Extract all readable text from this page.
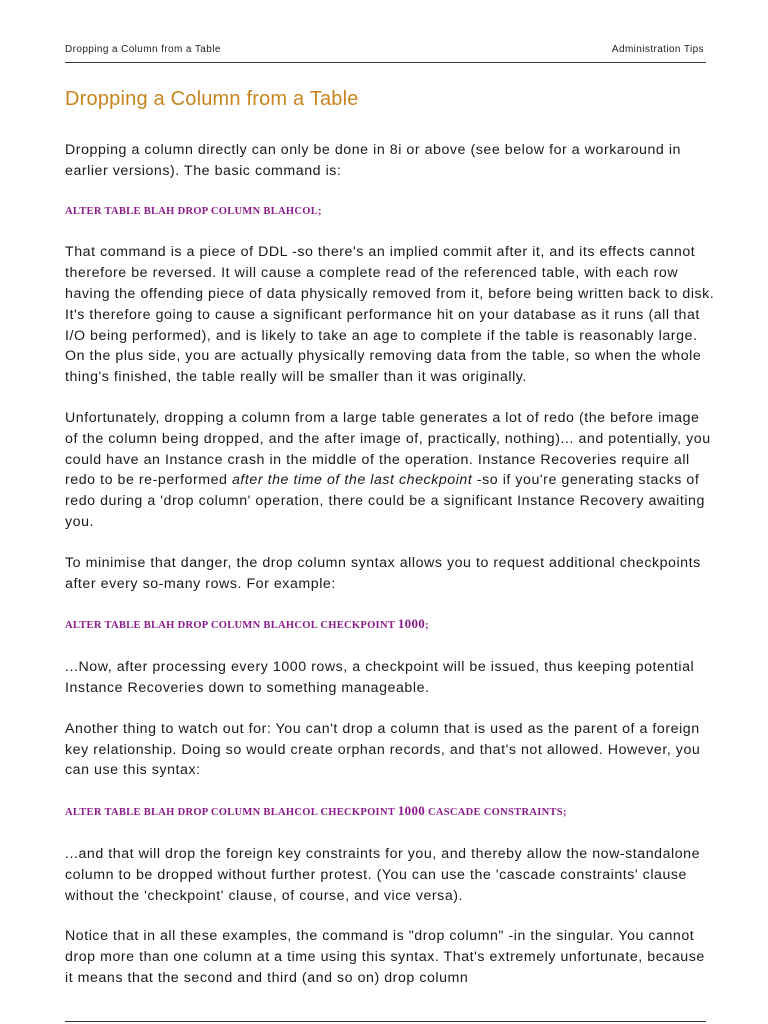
Dropping a Column from a Table	Administration Tips
Dropping a Column from a Table

Dropping a column directly can only be done in 8i or above (see below for a workaround in earlier versions). The basic command is:

ALTER TABLE BLAH DROP COLUMN BLAHCOL;

That command is a piece of DDL -so there's an implied commit after it, and its effects cannot therefore be reversed. It will cause a complete read of the referenced table, with each row having the offending piece of data physically removed from it, before being written back to disk. It's therefore going to cause a significant performance hit on your database as it runs (all that I/O being performed), and is likely to take an age to complete if the table is reasonably large. On the plus side, you are actually physically removing data from the table, so when the whole thing's finished, the table really will be smaller than it was originally.

Unfortunately, dropping a column from a large table generates a lot of redo (the before image of the column being dropped, and the after image of, practically, nothing)... and potentially, you could have an Instance crash in the middle of the operation. Instance Recoveries require all redo to be re-performed after the time of the last checkpoint -so if you're generating stacks of redo during a 'drop column' operation, there could be a significant Instance Recovery awaiting you.

To minimise that danger, the drop column syntax allows you to request additional checkpoints after every so-many rows. For example:

ALTER TABLE BLAH DROP COLUMN BLAHCOL CHECKPOINT 1000;

...Now, after processing every 1000 rows, a checkpoint will be issued, thus keeping potential Instance Recoveries down to something manageable.

Another thing to watch out for: You can't drop a column that is used as the parent of a foreign key relationship. Doing so would create orphan records, and that's not allowed. However, you can use this syntax:

ALTER TABLE BLAH DROP COLUMN BLAHCOL CHECKPOINT 1000 CASCADE CONSTRAINTS;

...and that will drop the foreign key constraints for you, and thereby allow the now-standalone column to be dropped without further protest. (You can use the 'cascade constraints' clause without the 'checkpoint' clause, of course, and vice versa).

Notice that in all these examples, the command is "drop column" -in the singular. You cannot drop more than one column at a time using this syntax. That's extremely unfortunate, because it means that the second and third (and so on) drop column
